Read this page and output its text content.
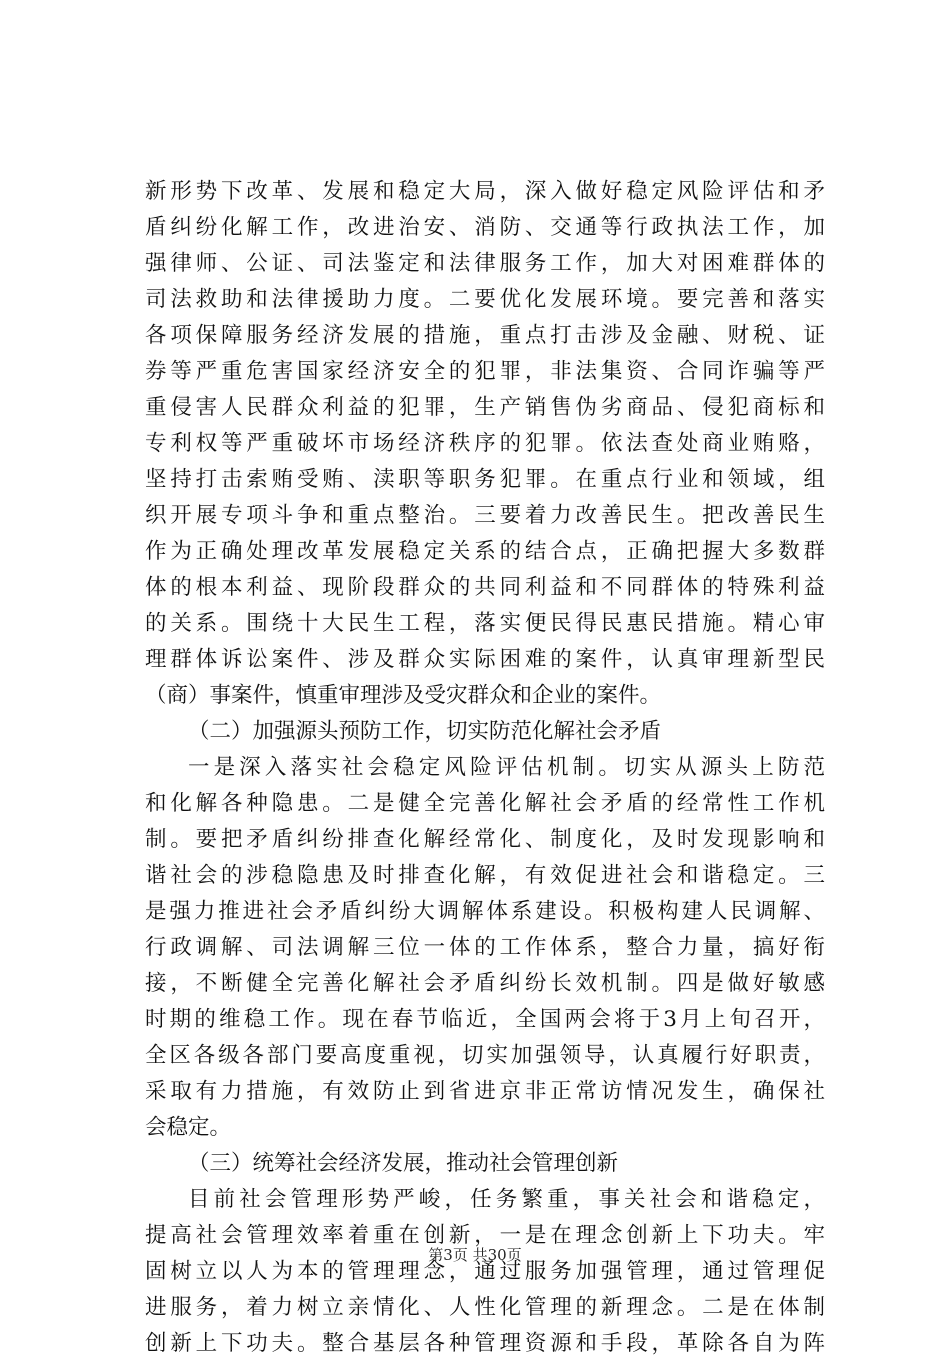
新形势下改革、发展和稳定大局，深入做好稳定风险评估和矛
盾纠纷化解工作，改进治安、消防、交通等行政执法工作，加
强律师、公证、司法鉴定和法律服务工作，加大对困难群体的
司法救助和法律援助力度。二要优化发展环境。要完善和落实
各项保障服务经济发展的措施，重点打击涉及金融、财税、证
券等严重危害国家经济安全的犯罪，非法集资、合同诈骗等严
重侵害人民群众利益的犯罪，生产销售伪劣商品、侵犯商标和
专利权等严重破坏市场经济秩序的犯罪。依法查处商业贿赂，
坚持打击索贿受贿、渎职等职务犯罪。在重点行业和领域，组
织开展专项斗争和重点整治。三要着力改善民生。把改善民生
作为正确处理改革发展稳定关系的结合点，正确把握大多数群
体的根本利益、现阶段群众的共同利益和不同群体的特殊利益
的关系。围绕十大民生工程，落实便民得民惠民措施。精心审
理群体诉讼案件、涉及群众实际困难的案件，认真审理新型民
（商）事案件，慎重审理涉及受灾群众和企业的案件。
（二）加强源头预防工作，切实防范化解社会矛盾
一是深入落实社会稳定风险评估机制。切实从源头上防范
和化解各种隐患。二是健全完善化解社会矛盾的经常性工作机
制。要把矛盾纠纷排查化解经常化、制度化，及时发现影响和
谐社会的涉稳隐患及时排查化解，有效促进社会和谐稳定。三
是强力推进社会矛盾纠纷大调解体系建设。积极构建人民调解、
行政调解、司法调解三位一体的工作体系，整合力量，搞好衔
接，不断健全完善化解社会矛盾纠纷长效机制。四是做好敏感
时期的维稳工作。现在春节临近，全国两会将于3月上旬召开，
全区各级各部门要高度重视，切实加强领导，认真履行好职责，
采取有力措施，有效防止到省进京非正常访情况发生，确保社
会稳定。
（三）统筹社会经济发展，推动社会管理创新
目前社会管理形势严峻，任务繁重，事关社会和谐稳定，
提高社会管理效率着重在创新，一是在理念创新上下功夫。牢
固树立以人为本的管理理念，通过服务加强管理，通过管理促
进服务，着力树立亲情化、人性化管理的新理念。二是在体制
创新上下功夫。整合基层各种管理资源和手段，革除各自为阵
第3页 共30页
